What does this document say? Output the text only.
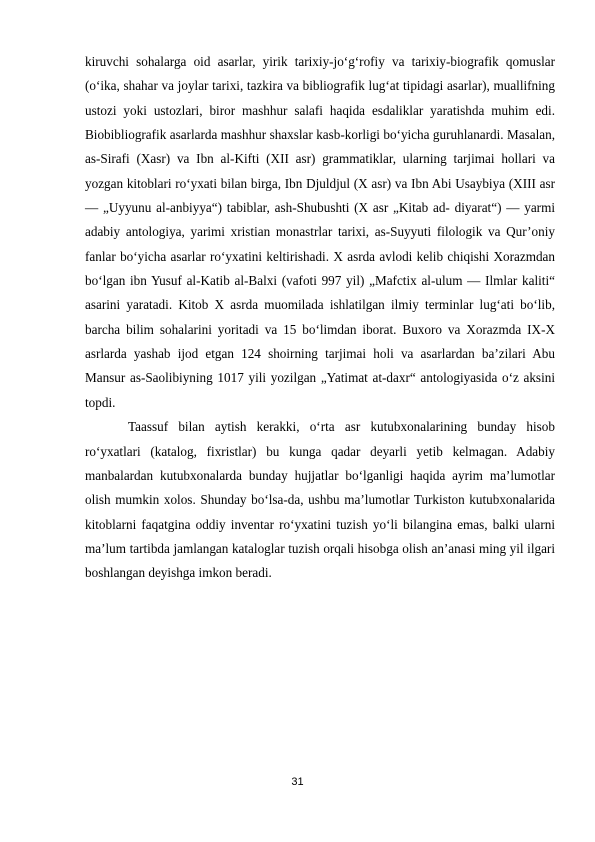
kiruvchi sohalarga oid asarlar, yirik tarixiy-jo‘g‘rofiy va tarixiy-biografik qomuslar (o‘ika, shahar va joylar tarixi, tazkira va bibliografik lug‘at tipidagi asarlar), muallifning ustozi yoki ustozlari, biror mashhur salafi haqida esdaliklar yaratishda muhim edi. Biobibliografik asarlarda mashhur shaxslar kasb-korligi bo‘yicha guruhlanardi. Masalan, as-Sirafi (Xasr) va Ibn al-Kifti (XII asr) grammatiklar, ularning tarjimai hollari va yozgan kitoblari ro‘yxati bilan birga, Ibn Djuldjul (X asr) va Ibn Abi Usaybiya (XIII asr — „Uyyunu al-anbiyya“) tabiblar, ash-Shubushti (X asr „Kitab ad- diyarat“) — yarmi adabiy antologiya, yarimi xristian monastrlar tarixi, as-Suyyuti filologik va Qur’oniy fanlar bo‘yicha asarlar ro‘yxatini keltirishadi. X asrda avlodi kelib chiqishi Xorazmdan bo‘lgan ibn Yusuf al-Katib al-Balxi (vafoti 997 yil) „Mafctix al-ulum — Ilmlar kaliti“ asarini yaratadi. Kitob X asrda muomilada ishlatilgan ilmiy terminlar lug‘ati bo‘lib, barcha bilim sohalarini yoritadi va 15 bo‘limdan iborat. Buxoro va Xorazmda IX-X asrlarda yashab ijod etgan 124 shoirning tarjimai holi va asarlardan ba’zilari Abu Mansur as-Saolibiyning 1017 yili yozilgan „Yatimat at-daxr“ antologiyasida o‘z aksini topdi.

Taassuf bilan aytish kerakki, o‘rta asr kutubxonalarining bunday hisob ro‘yxatlari (katalog, fixristlar) bu kunga qadar deyarli yetib kelmagan. Adabiy manbalardan kutubxonalarda bunday hujjatlar bo‘lganligi haqida ayrim ma’lumotlar olish mumkin xolos. Shunday bo‘lsa-da, ushbu ma’lumotlar Turkiston kutubxonalarida kitoblarni faqatgina oddiy inventar ro‘yxatini tuzish yo‘li bilangina emas, balki ularni ma’lum tartibda jamlangan kataloglar tuzish orqali hisobga olish an’anasi ming yil ilgari boshlangan deyishga imkon beradi.

31
